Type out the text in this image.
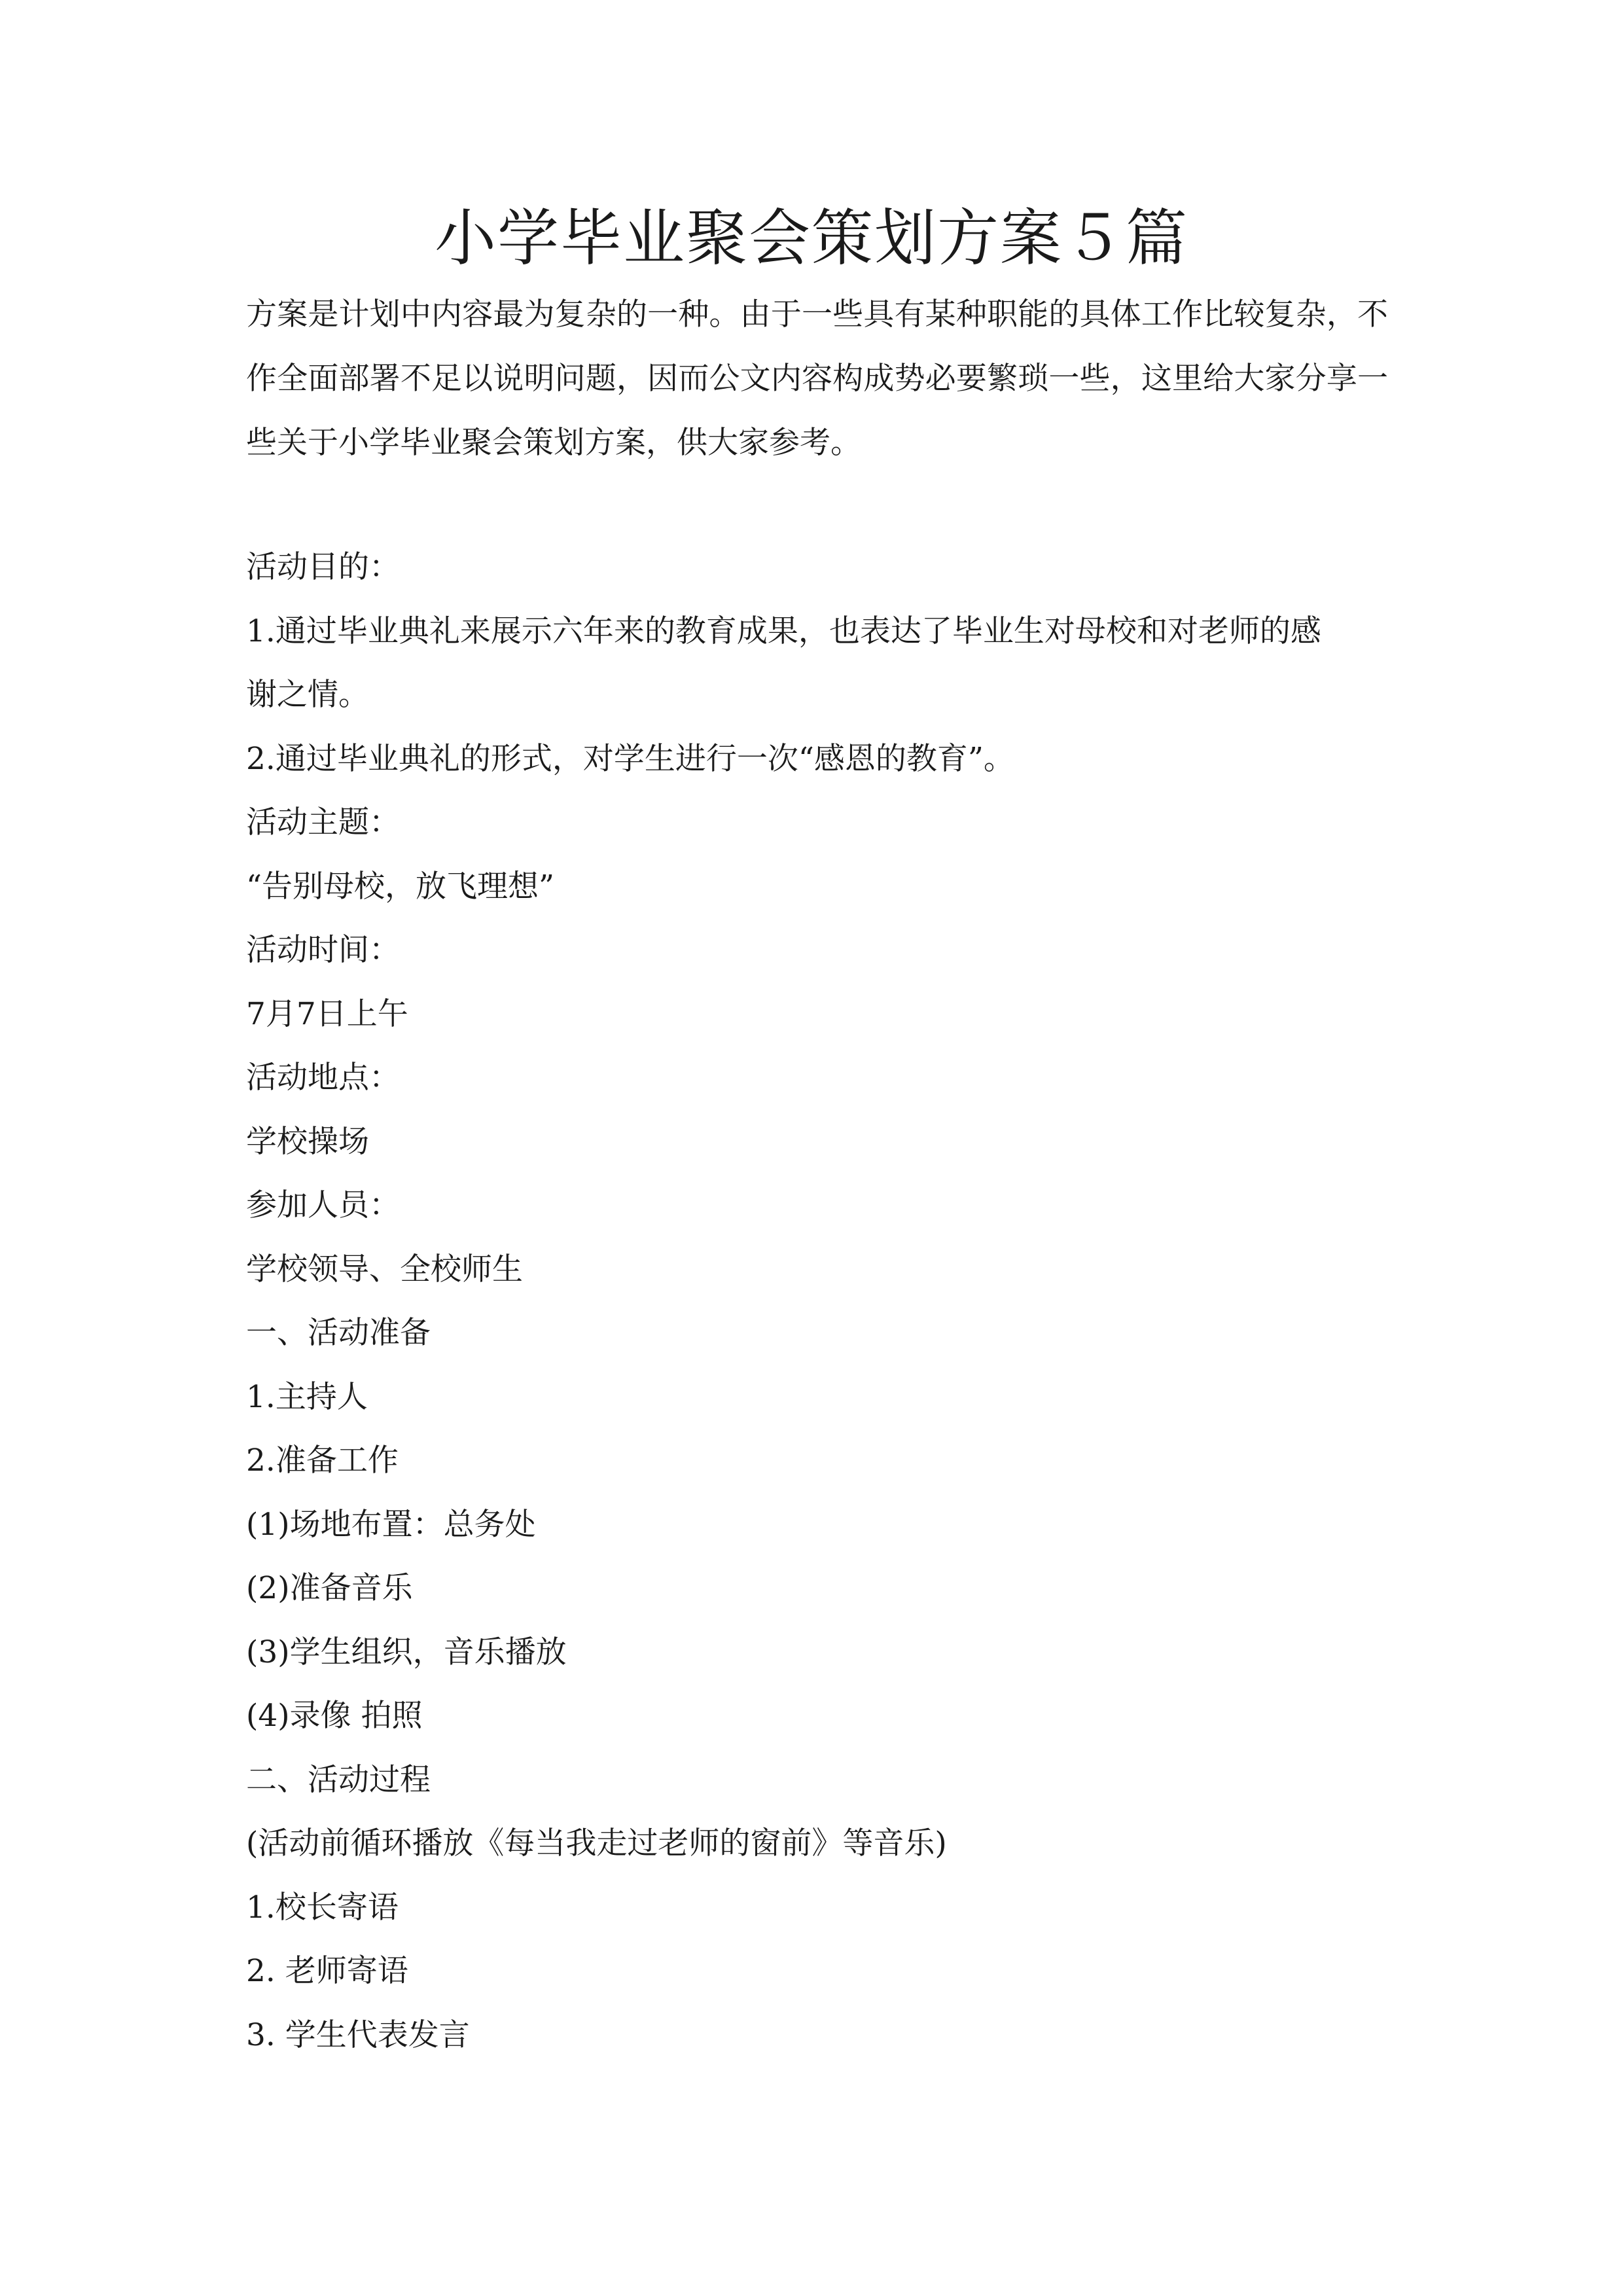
小学毕业聚会策划方案５篇

方案是计划中内容最为复杂的一种。由于一些具有某种职能的具体工作比较复杂，不作全面部署不足以说明问题，因而公文内容构成势必要繁琐一些，这里给大家分享一些关于小学毕业聚会策划方案，供大家参考。

活动目的：
1.通过毕业典礼来展示六年来的教育成果，也表达了毕业生对母校和对老师的感
谢之情。
2.通过毕业典礼的形式，对学生进行一次“感恩的教育”。
活动主题：
“告别母校，放飞理想”
活动时间：
7月7日上午
活动地点：
学校操场
参加人员：
学校领导、全校师生
一、活动准备
1.主持人
2.准备工作
(1)场地布置：总务处
(2)准备音乐
(3)学生组织，音乐播放
(4)录像 拍照
二、活动过程
(活动前循环播放《每当我走过老师的窗前》等音乐)
1.校长寄语
2. 老师寄语
3. 学生代表发言
